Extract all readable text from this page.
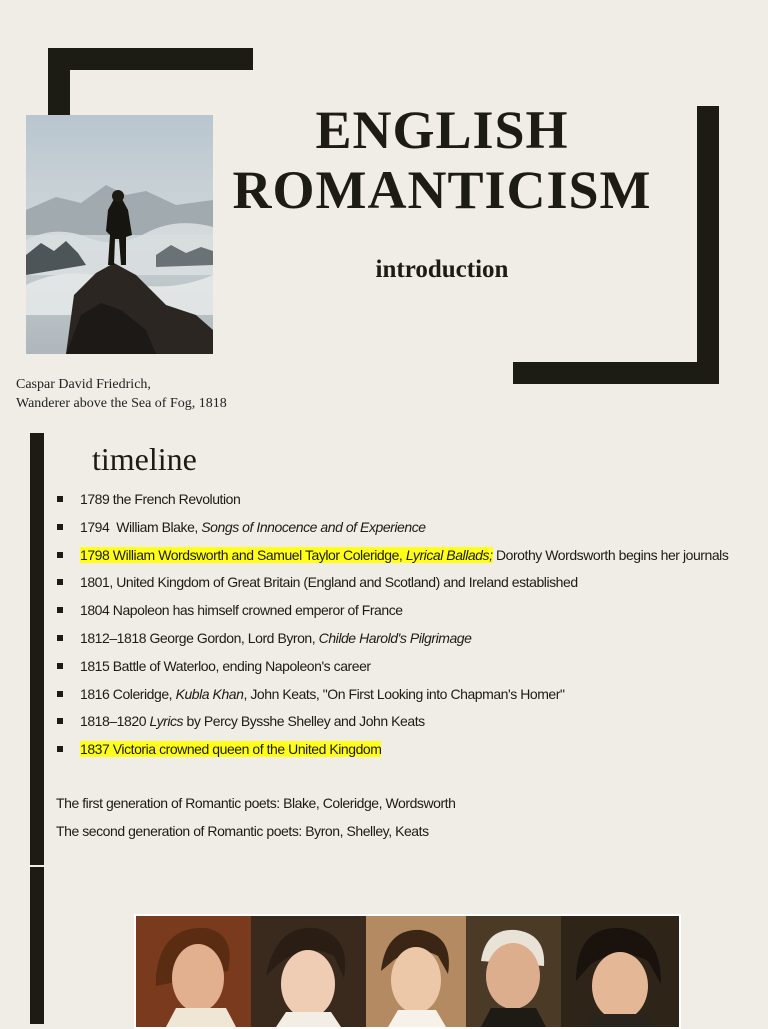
Caspar David Friedrich,
Wanderer above the Sea of Fog, 1818
ENGLISH
ROMANTICISM
introduction
timeline
1789 the French Revolution
1794  William Blake, Songs of Innocence and of Experience
1798 William Wordsworth and Samuel Taylor Coleridge, Lyrical Ballads; Dorothy Wordsworth begins her journals
1801, United Kingdom of Great Britain (England and Scotland) and Ireland established
1804 Napoleon has himself crowned emperor of France
1812–1818 George Gordon, Lord Byron, Childe Harold's Pilgrimage
1815 Battle of Waterloo, ending Napoleon's career
1816 Coleridge, Kubla Khan, John Keats, "On First Looking into Chapman's Homer"
1818–1820 Lyrics by Percy Bysshe Shelley and John Keats
1837 Victoria crowned queen of the United Kingdom
The first generation of Romantic poets: Blake, Coleridge, Wordsworth
The second generation of Romantic poets: Byron, Shelley, Keats
